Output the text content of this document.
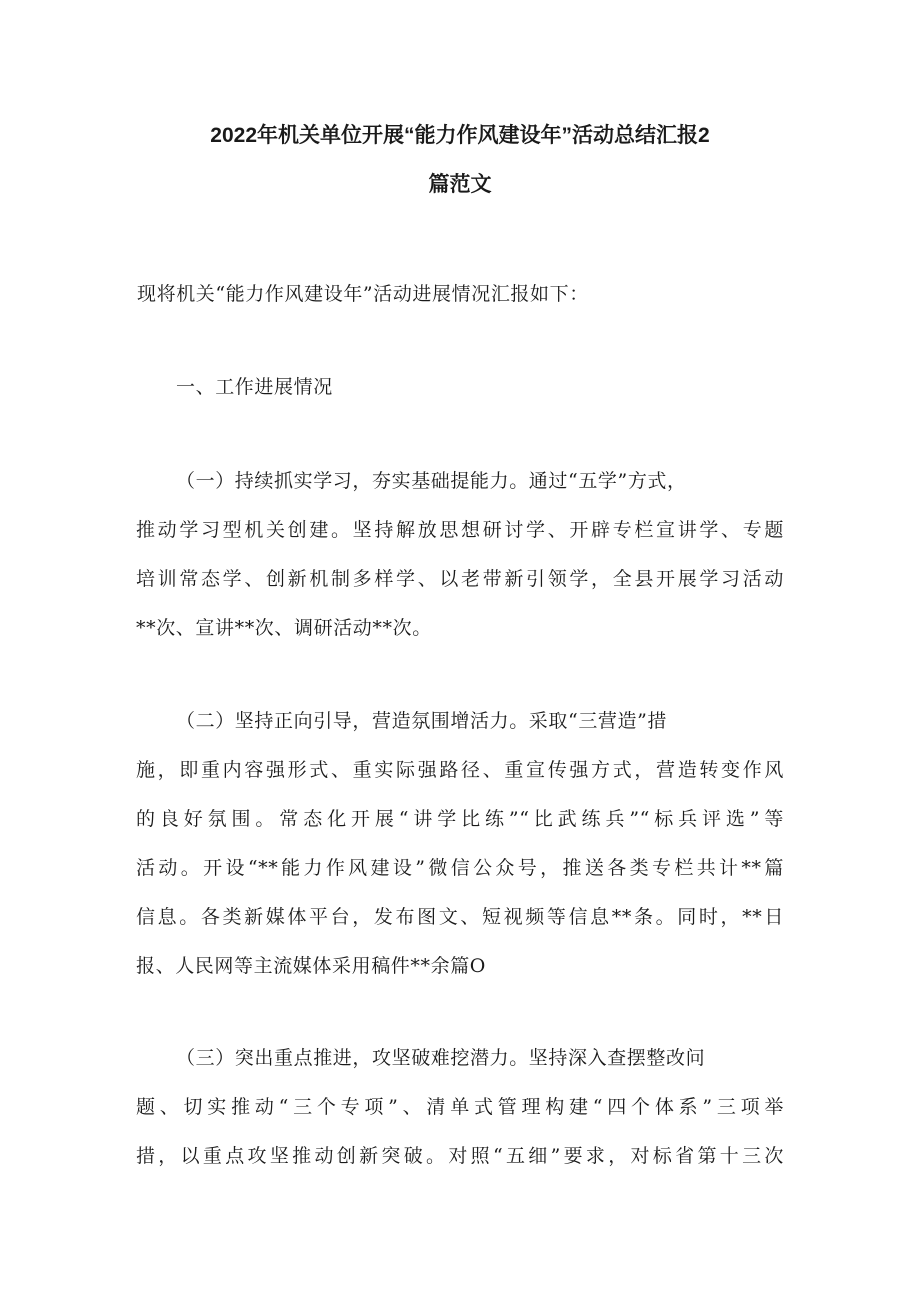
2022年机关单位开展“能力作风建设年”活动总结汇报2
篇范文
现将机关“能力作风建设年”活动进展情况汇报如下：
一、工作进展情况
（一）持续抓实学习，夯实基础提能力。通过“五学”方式，
推动学习型机关创建。坚持解放思想研讨学、开辟专栏宣讲学、专题
培训常态学、创新机制多样学、以老带新引领学，全县开展学习活动
**次、宣讲**次、调研活动**次。
（二）坚持正向引导，营造氛围增活力。采取“三营造”措
施，即重内容强形式、重实际强路径、重宣传强方式，营造转变作风
的良好氛围。常态化开展“讲学比练”“比武练兵”“标兵评选”等
活动。开设“**能力作风建设”微信公众号，推送各类专栏共计**篇
信息。各类新媒体平台，发布图文、短视频等信息**条。同时，**日
报、人民网等主流媒体采用稿件**余篇O
（三）突出重点推进，攻坚破难挖潜力。坚持深入查摆整改问
题、切实推动“三个专项”、清单式管理构建“四个体系”三项举
措，以重点攻坚推动创新突破。对照“五细”要求，对标省第十三次
